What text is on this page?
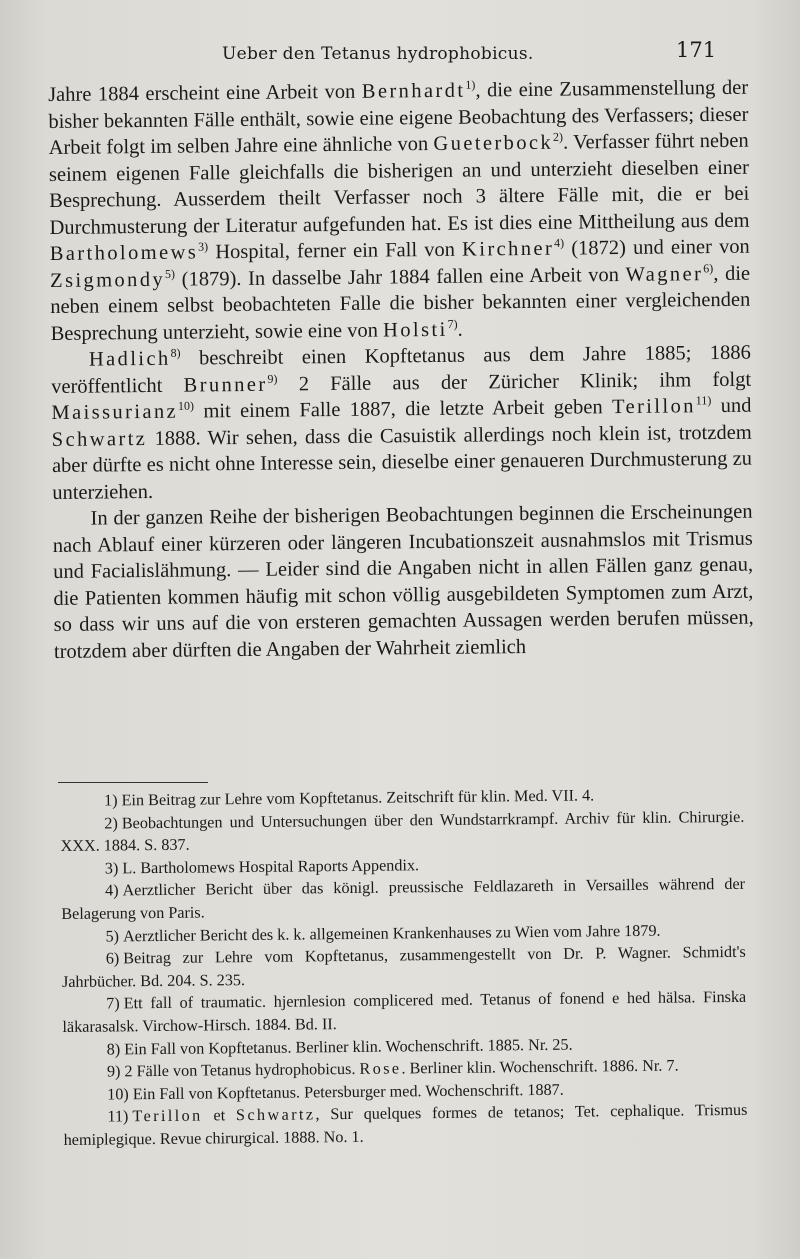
Ueber den Tetanus hydrophobicus.	171

Jahre 1884 erscheint eine Arbeit von Bernhardt$^{1)}$, die eine Zusammenstellung der bisher bekannten Fälle enthält, sowie eine eigene Beobachtung des Verfassers; dieser Arbeit folgt im selben Jahre eine ähnliche von Gueterbock$^{2)}$. Verfasser führt neben seinem eigenen Falle gleichfalls die bisherigen an und unterzieht dieselben einer Besprechung. Ausserdem theilt Verfasser noch 3 ältere Fälle mit, die er bei Durchmusterung der Literatur aufgefunden hat. Es ist dies eine Mittheilung aus dem Bartholomews$^{3)}$ Hospital, ferner ein Fall von Kirchner$^{4)}$ (1872) und einer von Zsigmondy$^{5)}$ (1879). In dasselbe Jahr 1884 fallen eine Arbeit von Wagner$^{6)}$, die neben einem selbst beobachteten Falle die bisher bekannten einer vergleichenden Besprechung unterzieht, sowie eine von Holsti$^{7)}$.

Hadlich$^{8)}$ beschreibt einen Kopftetanus aus dem Jahre 1885; 1886 veröffentlicht Brunner$^{9)}$ 2 Fälle aus der Züricher Klinik; ihm folgt Maissurianz$^{10)}$ mit einem Falle 1887, die letzte Arbeit geben Terillon$^{11)}$ und Schwartz 1888. Wir sehen, dass die Casuistik allerdings noch klein ist, trotzdem aber dürfte es nicht ohne Interesse sein, dieselbe einer genaueren Durchmusterung zu unterziehen.

In der ganzen Reihe der bisherigen Beobachtungen beginnen die Erscheinungen nach Ablauf einer kürzeren oder längeren Incubationszeit ausnahmslos mit Trismus und Facialislähmung. — Leider sind die Angaben nicht in allen Fällen ganz genau, die Patienten kommen häufig mit schon völlig ausgebildeten Symptomen zum Arzt, so dass wir uns auf die von ersteren gemachten Aussagen werden berufen müssen, trotzdem aber dürften die Angaben der Wahrheit ziemlich

1) Ein Beitrag zur Lehre vom Kopftetanus. Zeitschrift für klin. Med. VII. 4.

2) Beobachtungen und Untersuchungen über den Wundstarrkrampf. Archiv für klin. Chirurgie. XXX. 1884. S. 837.

3) L. Bartholomews Hospital Raports Appendix.

4) Aerztlicher Bericht über das königl. preussische Feldlazareth in Versailles während der Belagerung von Paris.

5) Aerztlicher Bericht des k. k. allgemeinen Krankenhauses zu Wien vom Jahre 1879.

6) Beitrag zur Lehre vom Kopftetanus, zusammengestellt von Dr. P. Wagner. Schmidt's Jahrbücher. Bd. 204. S. 235.

7) Ett fall of traumatic. hjernlesion complicered med. Tetanus of fonend e hed hälsa. Finska läkarasalsk. Virchow-Hirsch. 1884. Bd. II.

8) Ein Fall von Kopftetanus. Berliner klin. Wochenschrift. 1885. Nr. 25.

9) 2 Fälle von Tetanus hydrophobicus. Rose. Berliner klin. Wochenschrift. 1886. Nr. 7.

10) Ein Fall von Kopftetanus. Petersburger med. Wochenschrift. 1887.

11) Terillon et Schwartz, Sur quelques formes de tetanos; Tet. cephalique. Trismus hemiplegique. Revue chirurgical. 1888. No. 1.
